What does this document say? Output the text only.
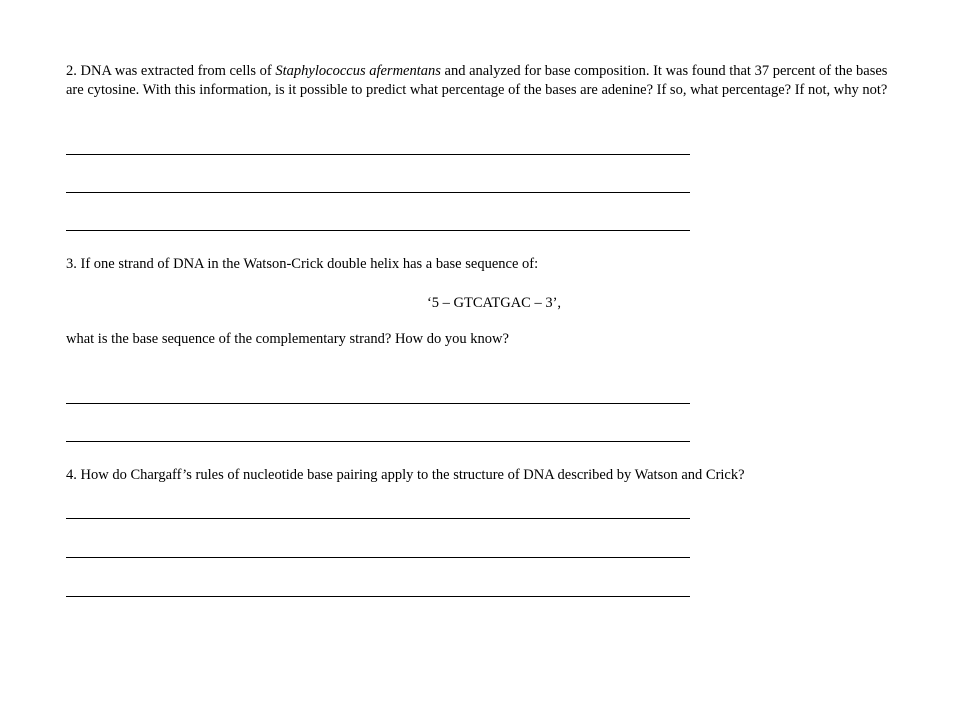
2. DNA was extracted from cells of Staphylococcus afermentans and analyzed for base composition. It was found that 37 percent of the bases are cytosine. With this information, is it possible to predict what percentage of the bases are adenine? If so, what percentage? If not, why not?

3. If one strand of DNA in the Watson-Crick double helix has a base sequence of:

‘5 – GTCATGAC – 3’,

what is the base sequence of the complementary strand? How do you know?

4. How do Chargaff’s rules of nucleotide base pairing apply to the structure of DNA described by Watson and Crick?
